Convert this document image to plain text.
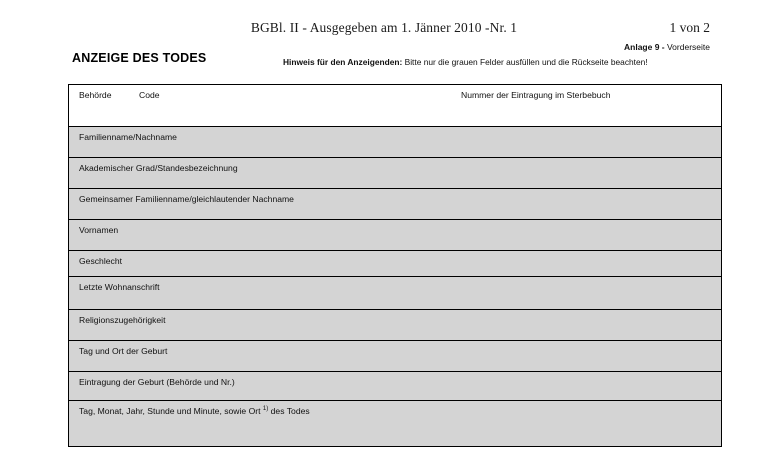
BGBl. II - Ausgegeben am 1. Jänner 2010 -Nr. 1	1 von 2
Anlage 9 - Vorderseite
ANZEIGE DES TODES	Hinweis für den Anzeigenden: Bitte nur die grauen Felder ausfüllen und die Rückseite beachten!
Behörde	Code	Nummer der Eintragung im Sterbebuch
Familienname/Nachname
Akademischer Grad/Standesbezeichnung
Gemeinsamer Familienname/gleichlautender Nachname
Vornamen
Geschlecht
Letzte Wohnanschrift
Religionszugehörigkeit
Tag und Ort der Geburt
Eintragung der Geburt (Behörde und Nr.)
Tag, Monat, Jahr, Stunde und Minute, sowie Ort $^{1)}$ des Todes
